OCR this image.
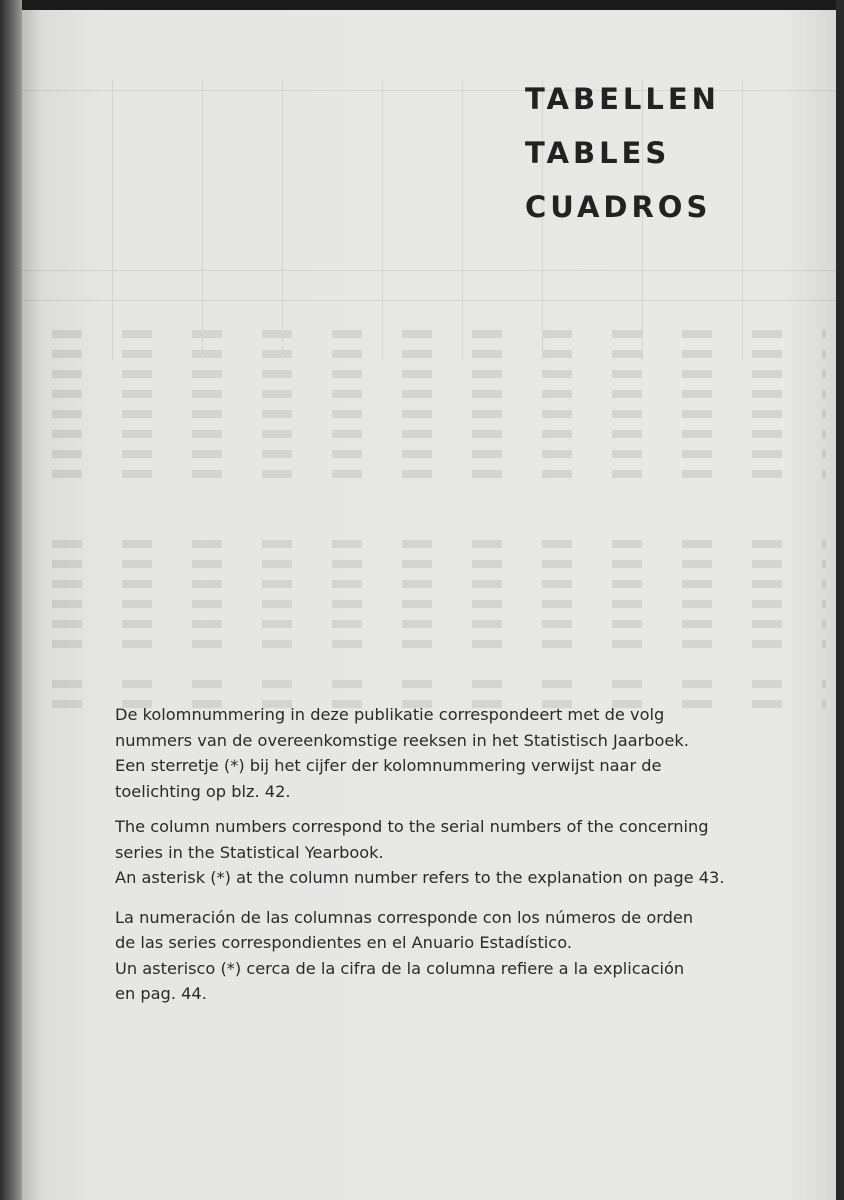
TABELLEN
TABLES
CUADROS

De kolomnummering in deze publikatie correspondeert met de volg
nummers van de overeenkomstige reeksen in het Statistisch Jaarboek.
Een sterretje (*) bij het cijfer der kolomnummering verwijst naar de
toelichting op blz. 42.

The column numbers correspond to the serial numbers of the concerning
series in the Statistical Yearbook.
An asterisk (*) at the column number refers to the explanation on page 43.

La numeración de las columnas corresponde con los números de orden
de las series correspondientes en el Anuario Estadístico.
Un asterisco (*) cerca de la cifra de la columna refiere a la explicación
en pag. 44.
